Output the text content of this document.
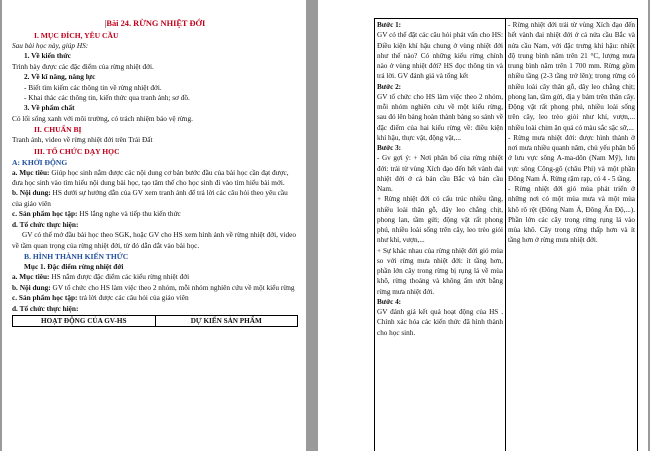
|Bài 24. RỪNG NHIỆT ĐỚI
I. MỤC ĐÍCH, YÊU CẦU
Sau bài học này, giúp HS:
1. Về kiến thức
Trình bày được các đặc điểm của rừng nhiệt đới.
2. Về kĩ năng, năng lực
- Biết tìm kiếm các thông tin về rừng nhiệt đới.
- Khai thác các thông tin, kiến thức qua tranh ảnh; sơ đồ.
3. Về phẩm chất
Có lối sống xanh với môi trường, có trách nhiệm bảo vệ rừng.
II. CHUẨN BỊ
Tranh ảnh, video về rừng nhiệt đới trên Trái Đất
III. TỔ CHỨC DẠY HỌC
A: KHỞI ĐỘNG
a. Mục tiêu: Giúp học sinh nắm được các nội dung cơ bản bước đầu của bài học cần đạt được, đưa học sinh vào tìm hiểu nội dung bài học, tạo tâm thế cho học sinh đi vào tìm hiểu bài mới.
b. Nội dung: HS dưới sự hướng dẫn của GV xem tranh ảnh để trả lời các câu hỏi theo yêu cầu của giáo viên
c. Sản phẩm học tập: HS lắng nghe và tiếp thu kiến thức
d. Tổ chức thực hiện:
GV có thể mở đầu bài học theo SGK, hoặc GV cho HS xem hình ảnh về rừng nhiệt đới, video về tầm quan trọng của rừng nhiệt đới, từ đó dẫn dắt vào bài học.
B. HÌNH THÀNH KIẾN THỨC
Mục 1. Đặc điểm rừng nhiệt đới
a. Mục tiêu: HS nắm được đặc điểm các kiểu rừng nhiệt đới
b. Nội dung: GV tổ chức cho HS làm việc theo 2 nhóm, mỗi nhóm nghiên cứu về một kiểu rừng
c. Sản phẩm học tập: trả lời được các câu hỏi của giáo viên
d. Tổ chức thực hiện:
HOẠT ĐỘNG CỦA GV-HS	DỰ KIẾN SẢN PHẨM

Bước 1:

GV có thể đặt các câu hỏi phát vấn cho HS: Điều kiện khí hậu chung ở vùng nhiệt đới như thế nào? Có những kiểu rừng chính nào ở vùng nhiệt đới? HS đọc thông tin và trả lời. GV đánh giá và tổng kết

Bước 2:

GV tổ chức cho HS làm việc theo 2 nhóm, mỗi nhóm nghiên cứu về một kiểu rừng, sau đó lên bảng hoàn thành bảng so sánh về đặc điểm của hai kiểu rừng về: điều kiện khí hậu, thực vật, động vật,...

Bước 3:

- Gv gợi ý: + Nơi phân bố của rừng nhiệt đới: trải từ vùng Xích đạo đến hết vành đai nhiệt đới ở cả bán cầu Bắc và bán cầu Nam.

+ Rừng nhiệt đới có cấu trúc nhiều tầng, nhiều loài thân gỗ, dây leo chằng chịt, phong lan, tầm gửi; động vật rất phong phú, nhiều loài sống trên cây, leo trèo giỏi như khỉ, vượn,...

+ Sự khác nhau của rừng nhiệt đới gió mùa so với rừng mưa nhiệt đới: ít tầng hơn, phần lớn cây trong rừng bị rụng lá về mùa khô, rừng thoáng và không ẩm ướt bằng rừng mưa nhiệt đới.

Bước 4:

GV đánh giá kết quả hoạt động của HS . Chính xác hóa các kiến thức đã hình thành cho học sinh.

- Rừng nhiệt đới trải từ vùng Xích đạo đến hết vành đai nhiệt đới ở cả nửa cầu Bắc và nửa cầu Nam, với đặc trưng khí hậu: nhiệt độ trung bình năm trên 21 °C, lượng mưa trung bình năm trên 1 700 mm. Rừng gồm nhiều tầng (2-3 tầng trở lên); trong rừng có nhiều loài cây thân gỗ, dây leo chằng chịt; phong lan, tầm gửi, địa y bám trên thân cây. Động vật rất phong phú, nhiều loài sống trên cây, leo trèo giỏi như khỉ, vượn,... nhiều loài chim ăn quả có màu sắc sặc sỡ,...

- Rừng mưa nhiệt đới: được hình thành ở nơi mưa nhiều quanh năm, chủ yếu phân bố ở lưu vực sông A-ma-dôn (Nam Mỹ), lưu vực sông Công-gô (châu Phi) và một phần Đông Nam Á. Rừng rậm rạp, có 4 - 5 tầng.

- Rừng nhiệt đới gió mùa phát triển ở những nơi có một mùa mưa và một mùa khô rõ rệt (Đông Nam Á, Đông Ấn Độ,...). Phần lớn các cây trong rừng rụng lá vào mùa khô. Cây trong rừng thấp hơn và ít tầng hơn ở rừng mưa nhiệt đới.
